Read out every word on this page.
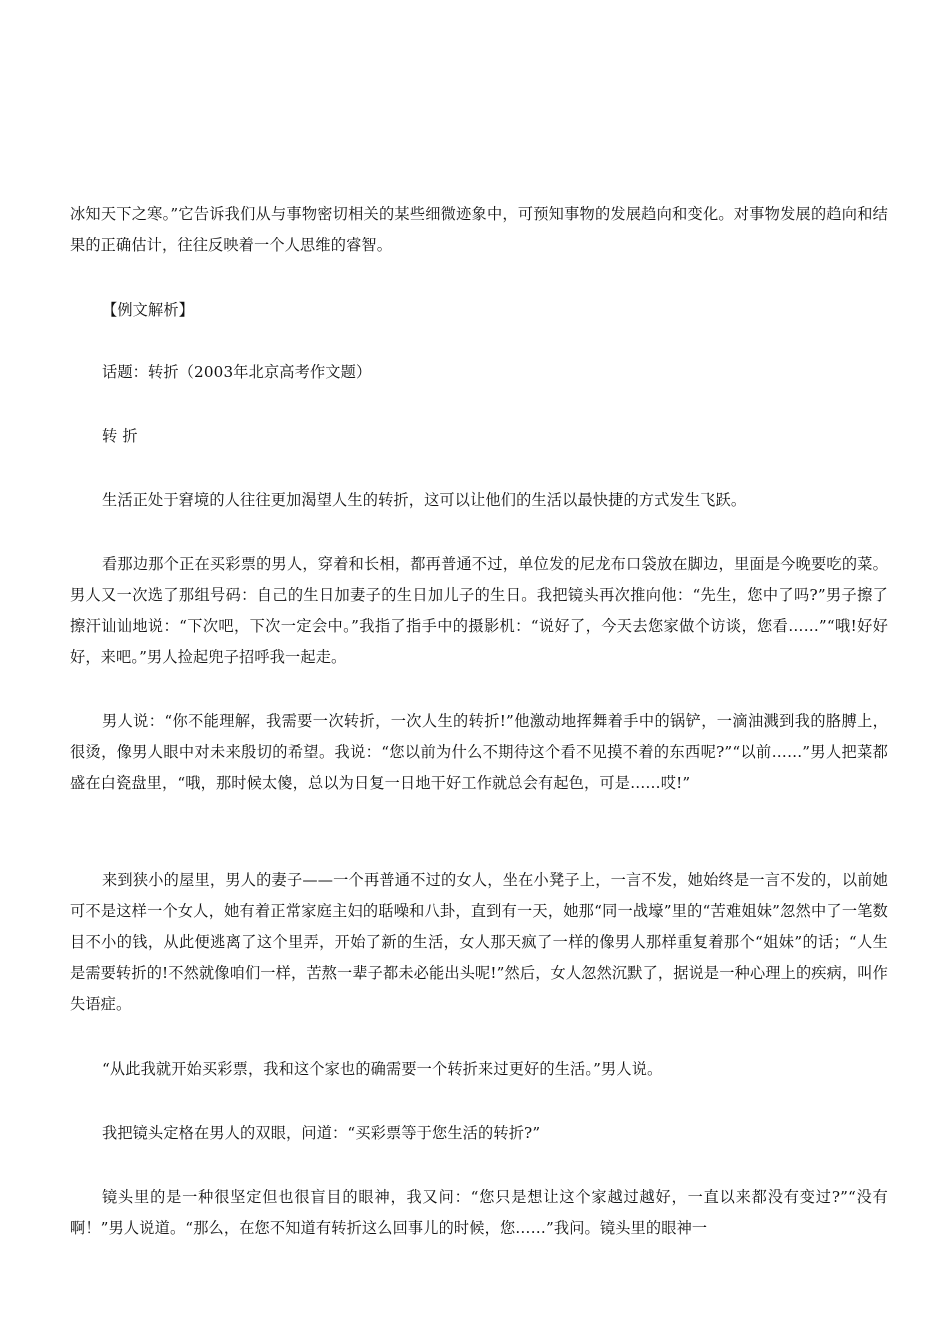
冰知天下之寒。”它告诉我们从与事物密切相关的某些细微迹象中，可预知事物的发展趋向和变化。对事物发展的趋向和结果的正确估计，往往反映着一个人思维的睿智。

【例文解析】

话题：转折（2003年北京高考作文题）

转 折

生活正处于窘境的人往往更加渴望人生的转折，这可以让他们的生活以最快捷的方式发生飞跃。

看那边那个正在买彩票的男人，穿着和长相，都再普通不过，单位发的尼龙布口袋放在脚边，里面是今晚要吃的菜。男人又一次选了那组号码：自己的生日加妻子的生日加儿子的生日。我把镜头再次推向他：“先生，您中了吗?”男子擦了擦汗讪讪地说：“下次吧，下次一定会中。”我指了指手中的摄影机：“说好了，今天去您家做个访谈，您看……”“哦!好好好，来吧。”男人捡起兜子招呼我一起走。

男人说：“你不能理解，我需要一次转折，一次人生的转折!”他激动地挥舞着手中的锅铲，一滴油溅到我的胳膊上，很烫，像男人眼中对未来殷切的希望。我说：“您以前为什么不期待这个看不见摸不着的东西呢?”“以前……”男人把菜都盛在白瓷盘里，“哦，那时候太傻，总以为日复一日地干好工作就总会有起色，可是……哎!”

来到狭小的屋里，男人的妻子——一个再普通不过的女人，坐在小凳子上，一言不发，她始终是一言不发的，以前她可不是这样一个女人，她有着正常家庭主妇的聒噪和八卦，直到有一天，她那“同一战壕”里的“苦难姐妹”忽然中了一笔数目不小的钱，从此便逃离了这个里弄，开始了新的生活，女人那天疯了一样的像男人那样重复着那个“姐妹”的话；“人生是需要转折的!不然就像咱们一样，苦熬一辈子都未必能出头呢!”然后，女人忽然沉默了，据说是一种心理上的疾病，叫作失语症。

“从此我就开始买彩票，我和这个家也的确需要一个转折来过更好的生活。”男人说。

我把镜头定格在男人的双眼，问道：“买彩票等于您生活的转折?”

镜头里的是一种很坚定但也很盲目的眼神，我又问：“您只是想让这个家越过越好，一直以来都没有变过?”“没有啊！”男人说道。“那么，在您不知道有转折这么回事儿的时候，您……”我问。镜头里的眼神一
